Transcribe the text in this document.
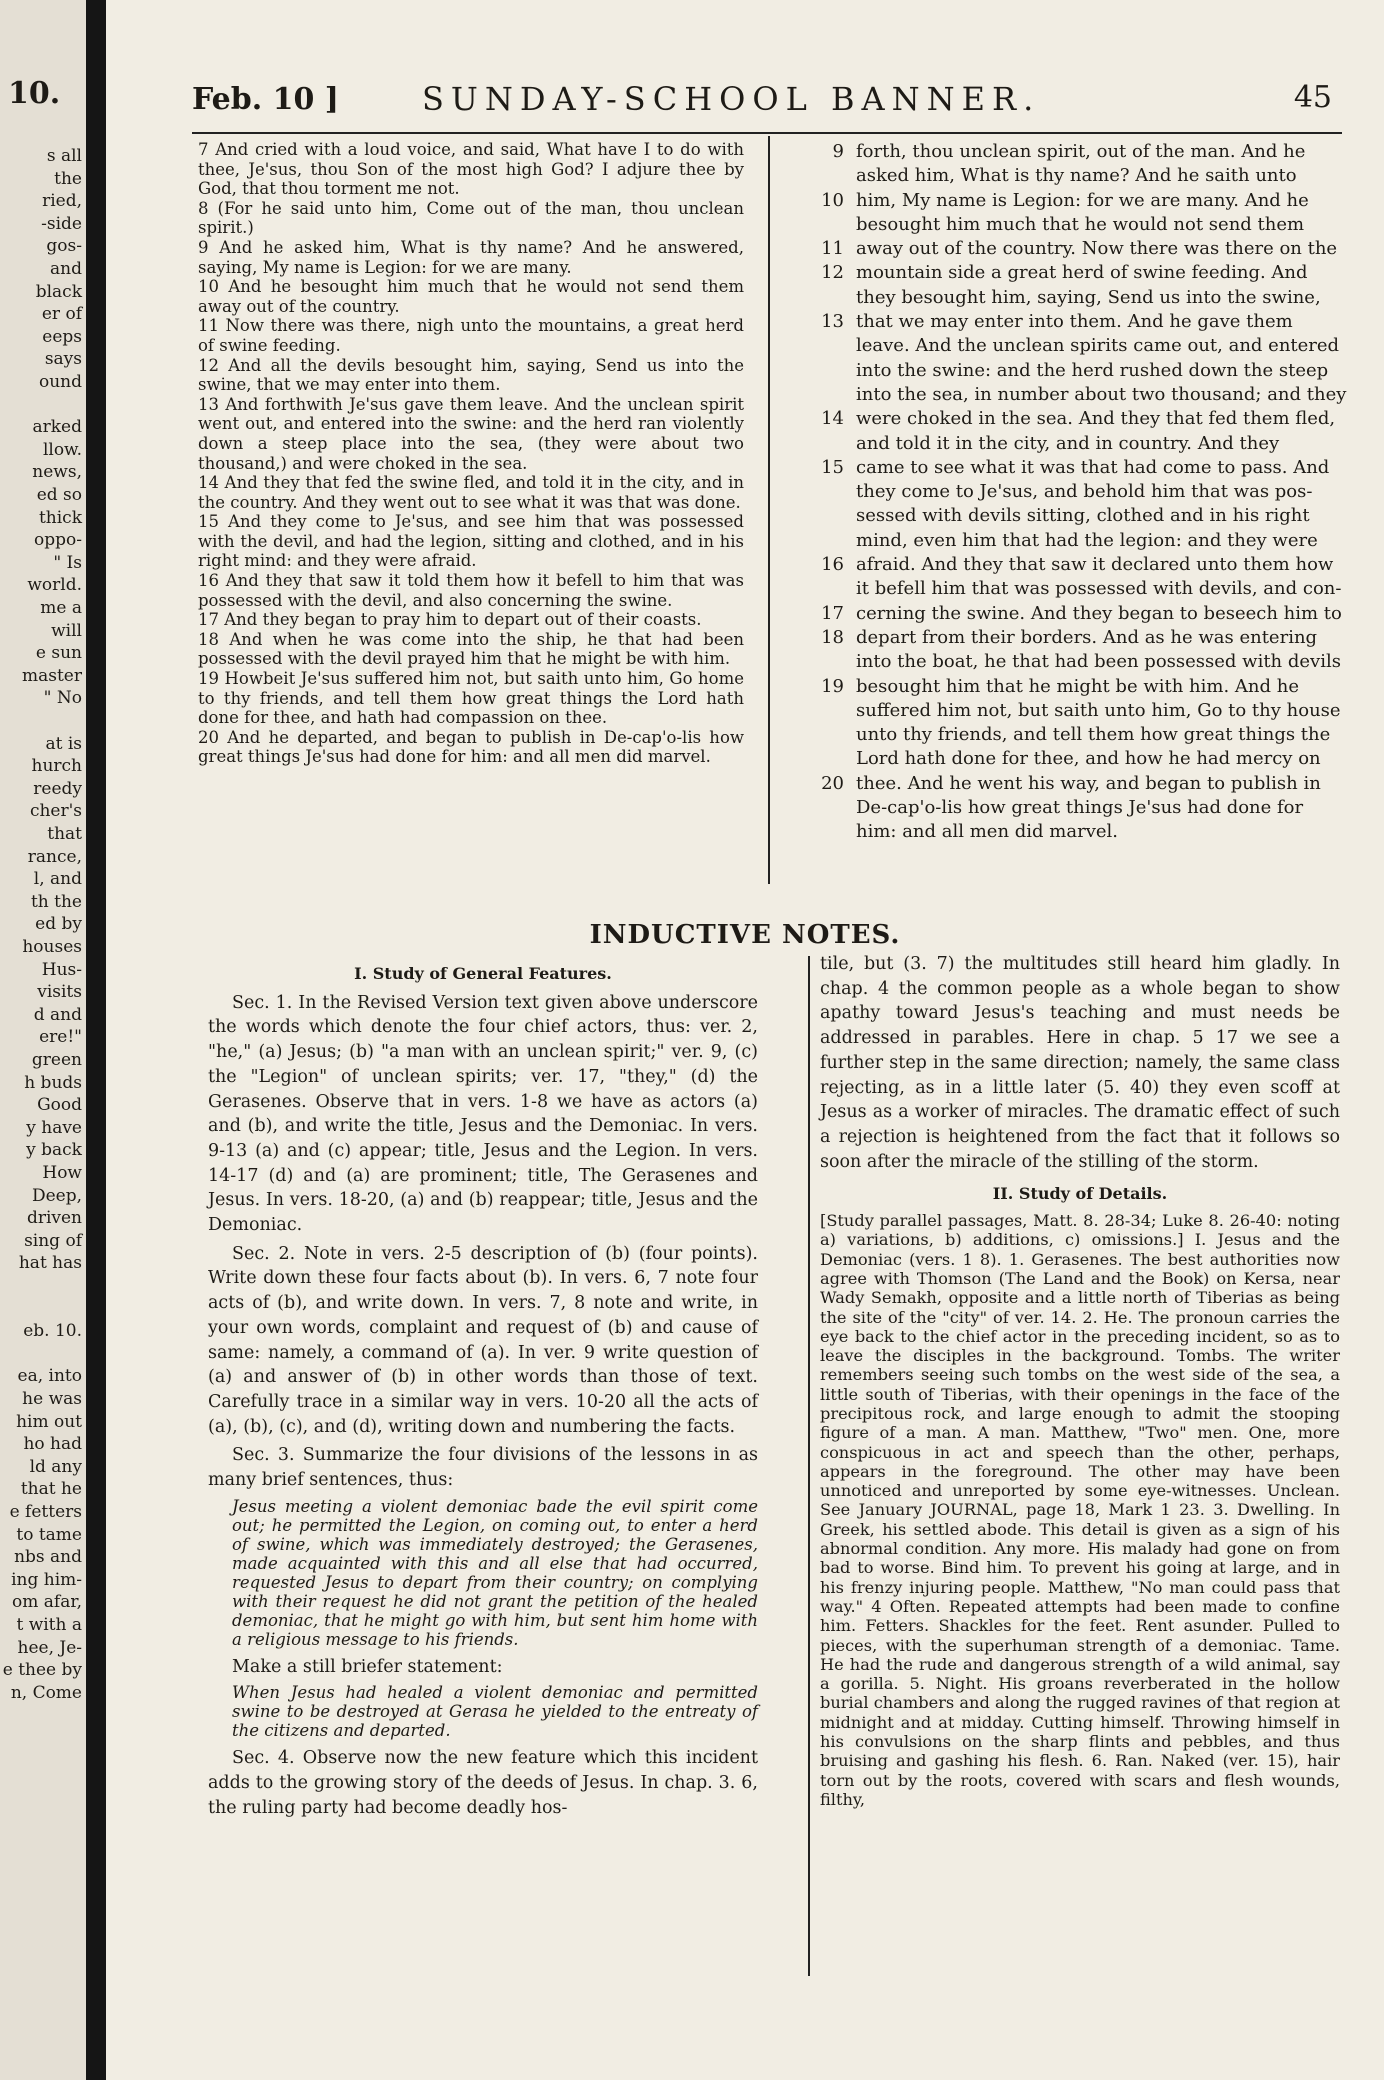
10.
s all
the
ried,
-side
gos-
and
black
er of
eeps
says
ound
arked
llow.
news,
ed so
thick
oppo-
" Is
world.
me a
will
e sun
master
" No
at is
hurch
reedy
cher's
that
rance,
l, and
th the
ed by
houses
Hus-
visits
d and
ere!"
green
h buds
Good
y have
y back
How
Deep,
driven
sing of
hat has
eb. 10.
ea, into
he was
him out
ho had
ld any
that he
e fetters
to tame
nbs and
ing him-
om afar,
t with a
hee, Je-
e thee by
n, Come
Feb. 10 ]	SUNDAY-SCHOOL BANNER.	45

7 And cried with a loud voice, and said, What have I to do with thee, Je'sus, thou Son of the most high God? I adjure thee by God, that thou torment me not.

8 (For he said unto him, Come out of the man, thou unclean spirit.)

9 And he asked him, What is thy name? And he answered, saying, My name is Legion: for we are many.

10 And he besought him much that he would not send them away out of the country.

11 Now there was there, nigh unto the mountains, a great herd of swine feeding.

12 And all the devils besought him, saying, Send us into the swine, that we may enter into them.

13 And forthwith Je'sus gave them leave. And the unclean spirit went out, and entered into the swine: and the herd ran violently down a steep place into the sea, (they were about two thousand,) and were choked in the sea.

14 And they that fed the swine fled, and told it in the city, and in the country. And they went out to see what it was that was done.

15 And they come to Je'sus, and see him that was possessed with the devil, and had the legion, sitting and clothed, and in his right mind: and they were afraid.

16 And they that saw it told them how it befell to him that was possessed with the devil, and also concerning the swine.

17 And they began to pray him to depart out of their coasts.

18 And when he was come into the ship, he that had been possessed with the devil prayed him that he might be with him.

19 Howbeit Je'sus suffered him not, but saith unto him, Go home to thy friends, and tell them how great things the Lord hath done for thee, and hath had compassion on thee.

20 And he departed, and began to publish in De-cap'o-lis how great things Je'sus had done for him: and all men did marvel.

9 forth, thou unclean spirit, out of the man. And he
asked him, What is thy name? And he saith unto
10 him, My name is Legion: for we are many. And he
besought him much that he would not send them
11 away out of the country. Now there was there on the
12 mountain side a great herd of swine feeding. And
they besought him, saying, Send us into the swine,
13 that we may enter into them. And he gave them
leave. And the unclean spirits came out, and entered
into the swine: and the herd rushed down the steep
into the sea, in number about two thousand; and they
14 were choked in the sea. And they that fed them fled,
and told it in the city, and in country. And they
15 came to see what it was that had come to pass. And
they come to Je'sus, and behold him that was pos-
sessed with devils sitting, clothed and in his right
mind, even him that had the legion: and they were
16 afraid. And they that saw it declared unto them how
it befell him that was possessed with devils, and con-
17 cerning the swine. And they began to beseech him to
18 depart from their borders. And as he was entering
into the boat, he that had been possessed with devils
19 besought him that he might be with him. And he
suffered him not, but saith unto him, Go to thy house
unto thy friends, and tell them how great things the
Lord hath done for thee, and how he had mercy on
20 thee. And he went his way, and began to publish in
De-cap'o-lis how great things Je'sus had done for
him: and all men did marvel.
INDUCTIVE NOTES.
I. Study of General Features.

Sec. 1. In the Revised Version text given above underscore the words which denote the four chief actors, thus: ver. 2, "he," (a) Jesus; (b) "a man with an unclean spirit;" ver. 9, (c) the "Legion" of unclean spirits; ver. 17, "they," (d) the Gerasenes. Observe that in vers. 1-8 we have as actors (a) and (b), and write the title, Jesus and the Demoniac. In vers. 9-13 (a) and (c) appear; title, Jesus and the Legion. In vers. 14-17 (d) and (a) are prominent; title, The Gerasenes and Jesus. In vers. 18-20, (a) and (b) reappear; title, Jesus and the Demoniac.

Sec. 2. Note in vers. 2-5 description of (b) (four points). Write down these four facts about (b). In vers. 6, 7 note four acts of (b), and write down. In vers. 7, 8 note and write, in your own words, complaint and request of (b) and cause of same: namely, a command of (a). In ver. 9 write question of (a) and answer of (b) in other words than those of text. Carefully trace in a similar way in vers. 10-20 all the acts of (a), (b), (c), and (d), writing down and numbering the facts.

Sec. 3. Summarize the four divisions of the lessons in as many brief sentences, thus:

Jesus meeting a violent demoniac bade the evil spirit come out; he permitted the Legion, on coming out, to enter a herd of swine, which was immediately destroyed; the Gerasenes, made acquainted with this and all else that had occurred, requested Jesus to depart from their country; on complying with their request he did not grant the petition of the healed demoniac, that he might go with him, but sent him home with a religious message to his friends.

Make a still briefer statement:

When Jesus had healed a violent demoniac and permitted swine to be destroyed at Gerasa he yielded to the entreaty of the citizens and departed.

Sec. 4. Observe now the new feature which this incident adds to the growing story of the deeds of Jesus. In chap. 3. 6, the ruling party had become deadly hos-

tile, but (3. 7) the multitudes still heard him gladly. In chap. 4 the common people as a whole began to show apathy toward Jesus's teaching and must needs be addressed in parables. Here in chap. 5 17 we see a further step in the same direction; namely, the same class rejecting, as in a little later (5. 40) they even scoff at Jesus as a worker of miracles. The dramatic effect of such a rejection is heightened from the fact that it follows so soon after the miracle of the stilling of the storm.

II. Study of Details.

[Study parallel passages, Matt. 8. 28-34; Luke 8. 26-40: noting a) variations, b) additions, c) omissions.] I. Jesus and the Demoniac (vers. 1 8). 1. Gerasenes. The best authorities now agree with Thomson (The Land and the Book) on Kersa, near Wady Semakh, opposite and a little north of Tiberias as being the site of the "city" of ver. 14. 2. He. The pronoun carries the eye back to the chief actor in the preceding incident, so as to leave the disciples in the background. Tombs. The writer remembers seeing such tombs on the west side of the sea, a little south of Tiberias, with their openings in the face of the precipitous rock, and large enough to admit the stooping figure of a man. A man. Matthew, "Two" men. One, more conspicuous in act and speech than the other, perhaps, appears in the foreground. The other may have been unnoticed and unreported by some eye-witnesses. Unclean. See January JOURNAL, page 18, Mark 1 23. 3. Dwelling. In Greek, his settled abode. This detail is given as a sign of his abnormal condition. Any more. His malady had gone on from bad to worse. Bind him. To prevent his going at large, and in his frenzy injuring people. Matthew, "No man could pass that way." 4 Often. Repeated attempts had been made to confine him. Fetters. Shackles for the feet. Rent asunder. Pulled to pieces, with the superhuman strength of a demoniac. Tame. He had the rude and dangerous strength of a wild animal, say a gorilla. 5. Night. His groans reverberated in the hollow burial chambers and along the rugged ravines of that region at midnight and at midday. Cutting himself. Throwing himself in his convulsions on the sharp flints and pebbles, and thus bruising and gashing his flesh. 6. Ran. Naked (ver. 15), hair torn out by the roots, covered with scars and flesh wounds, filthy,
